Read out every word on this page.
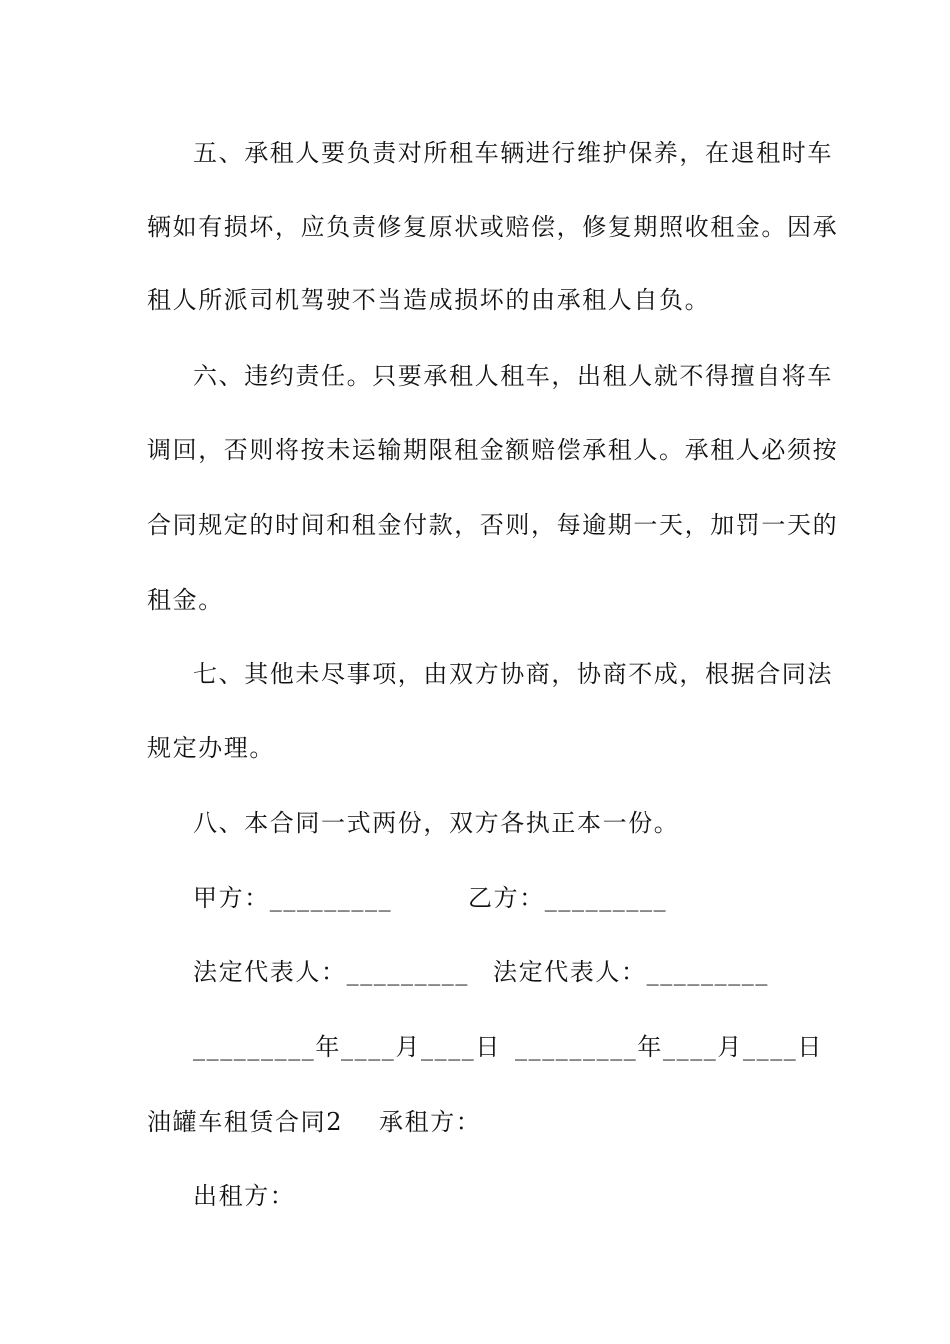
五、承租人要负责对所租车辆进行维护保养，在退租时车
辆如有损坏，应负责修复原状或赔偿，修复期照收租金。因承
租人所派司机驾驶不当造成损坏的由承租人自负。
六、违约责任。只要承租人租车，出租人就不得擅自将车
调回，否则将按未运输期限租金额赔偿承租人。承租人必须按
合同规定的时间和租金付款，否则，每逾期一天，加罚一天的
租金。
七、其他未尽事项，由双方协商，协商不成，根据合同法
规定办理。
八、本合同一式两份，双方各执正本一份。
甲方：_________	乙方：_________
法定代表人：_________ 法定代表人：_________
_________年____月____日 _________年____月____日
油罐车租赁合同2 承租方：
出租方：
